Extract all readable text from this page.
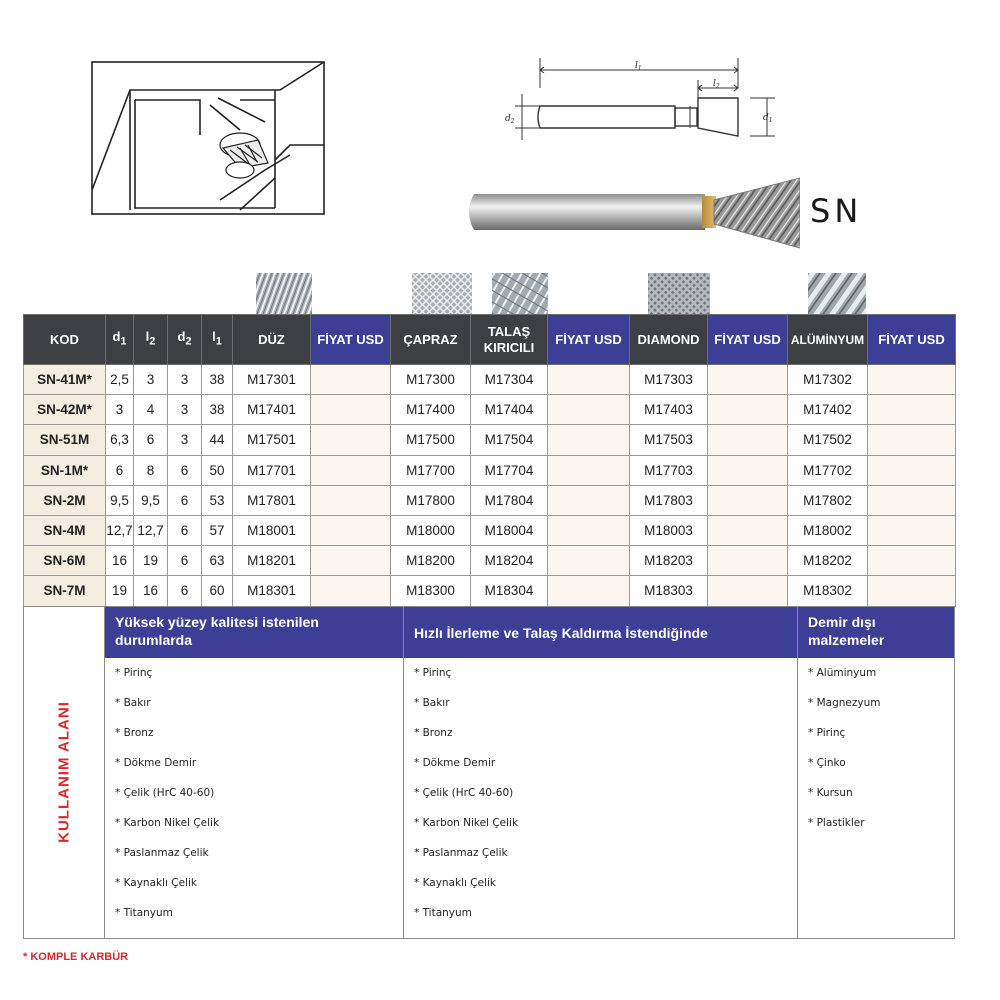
$l_1$
$l_2$
$d_2$	$d_1$
SN
KOD	$d_1$	$l_2$	$d_2$	$l_1$	DÜZ	FİYAT USD	ÇAPRAZ	TALAŞ KIRICILI	FİYAT USD	DIAMOND	FİYAT USD	ALÜMİNYUM	FİYAT USD
SN-41M*	2,5	3	3	38	M17301		M17300	M17304		M17303		M17302	
SN-42M*	3	4	3	38	M17401		M17400	M17404		M17403		M17402	
SN-51M	6,3	6	3	44	M17501		M17500	M17504		M17503		M17502	
SN-1M*	6	8	6	50	M17701		M17700	M17704		M17703		M17702	
SN-2M	9,5	9,5	6	53	M17801		M17800	M17804		M17803		M17802	
SN-4M	12,7	12,7	6	57	M18001		M18000	M18004		M18003		M18002	
SN-6M	16	19	6	63	M18201		M18200	M18204		M18203		M18202	
SN-7M	19	16	6	60	M18301		M18300	M18304		M18303		M18302	
KULLANIM ALANI
Yüksek yüzey kalitesi istenilen durumlarda
* Pirinç
* Bakır
* Bronz
* Dökme Demir
* Çelik (HrC 40-60)
* Karbon Nikel Çelik
* Paslanmaz Çelik
* Kaynaklı Çelik
* Titanyum
Hızlı İlerleme ve Talaş Kaldırma İstendiğinde
* Pirinç
* Bakır
* Bronz
* Dökme Demir
* Çelik (HrC 40-60)
* Karbon Nikel Çelik
* Paslanmaz Çelik
* Kaynaklı Çelik
* Titanyum
Demir dışı malzemeler
* Alüminyum
* Magnezyum
* Pirinç
* Çinko
* Kursun
* Plastikler
* KOMPLE KARBÜR
